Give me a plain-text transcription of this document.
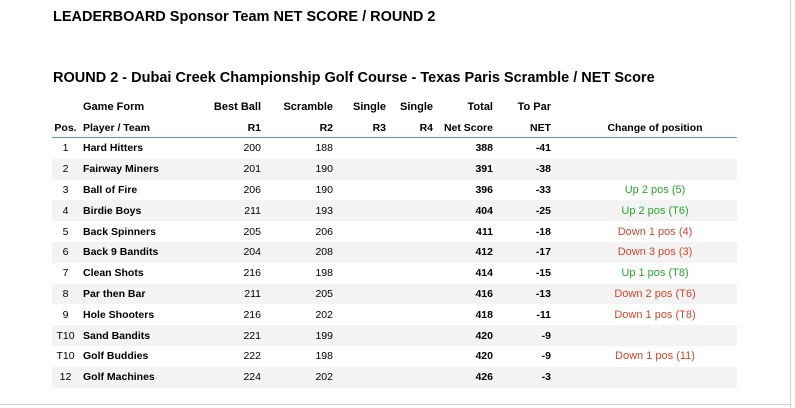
LEADERBOARD Sponsor Team NET SCORE / ROUND 2
ROUND 2 - Dubai Creek Championship Golf Course - Texas Paris Scramble / NET Score
	Game Form	Best Ball	Scramble	Single	Single	Total	To Par	
Pos.	Player / Team	R1	R2	R3	R4	Net Score	NET	Change of position
1	Hard Hitters	200	188			388	-41	
2	Fairway Miners	201	190			391	-38	
3	Ball of Fire	206	190			396	-33	Up 2 pos (5)
4	Birdie Boys	211	193			404	-25	Up 2 pos (T6)
5	Back Spinners	205	206			411	-18	Down 1 pos (4)
6	Back 9 Bandits	204	208			412	-17	Down 3 pos (3)
7	Clean Shots	216	198			414	-15	Up 1 pos (T8)
8	Par then Bar	211	205			416	-13	Down 2 pos (T6)
9	Hole Shooters	216	202			418	-11	Down 1 pos (T8)
T10	Sand Bandits	221	199			420	-9	
T10	Golf Buddies	222	198			420	-9	Down 1 pos (11)
12	Golf Machines	224	202			426	-3	
